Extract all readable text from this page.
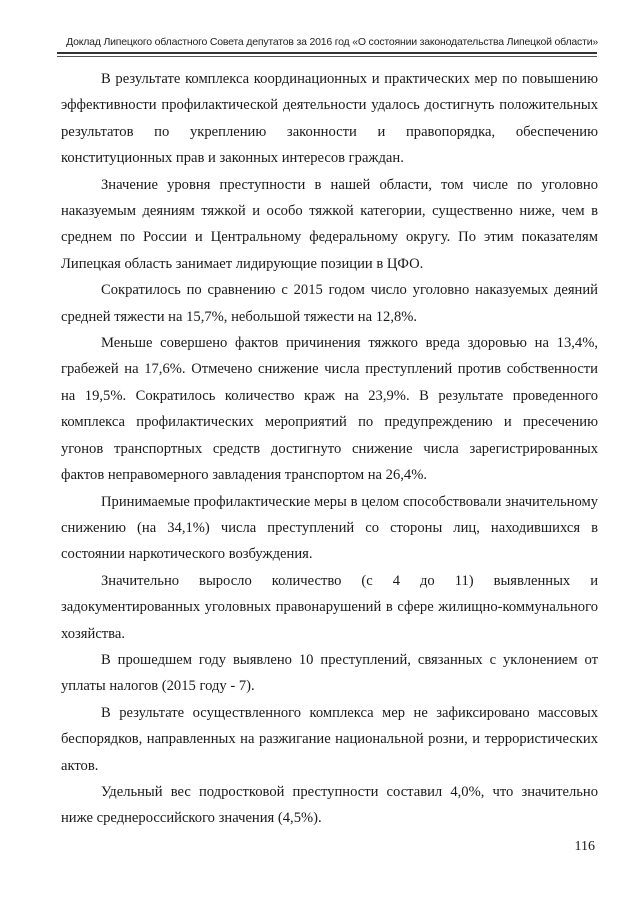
Доклад Липецкого областного Совета депутатов за 2016 год «О состоянии законодательства Липецкой области»

В результате комплекса координационных и практических мер по повышению эффективности профилактической деятельности удалось достигнуть положительных результатов по укреплению законности и правопорядка, обеспечению конституционных прав и законных интересов граждан.

Значение уровня преступности в нашей области, том числе по уголовно наказуемым деяниям тяжкой и особо тяжкой категории, существенно ниже, чем в среднем по России и Центральному федеральному округу. По этим показателям Липецкая область занимает лидирующие позиции в ЦФО.

Сократилось по сравнению с 2015 годом число уголовно наказуемых деяний средней тяжести на 15,7%, небольшой тяжести на 12,8%.

Меньше совершено фактов причинения тяжкого вреда здоровью на 13,4%, грабежей на 17,6%. Отмечено снижение числа преступлений против собственности на 19,5%. Сократилось количество краж на 23,9%. В результате проведенного комплекса профилактических мероприятий по предупреждению и пресечению угонов транспортных средств достигнуто снижение числа зарегистрированных фактов неправомерного завладения транспортом на 26,4%.

Принимаемые профилактические меры в целом способствовали значительному снижению (на 34,1%) числа преступлений со стороны лиц, находившихся в состоянии наркотического возбуждения.

Значительно выросло количество (с 4 до 11) выявленных и задокументированных уголовных правонарушений в сфере жилищно-коммунального хозяйства.

В прошедшем году выявлено 10 преступлений, связанных с уклонением от уплаты налогов (2015 году - 7).

В результате осуществленного комплекса мер не зафиксировано массовых беспорядков, направленных на разжигание национальной розни, и террористических актов.

Удельный вес подростковой преступности составил 4,0%, что значительно ниже среднероссийского значения (4,5%).

116
